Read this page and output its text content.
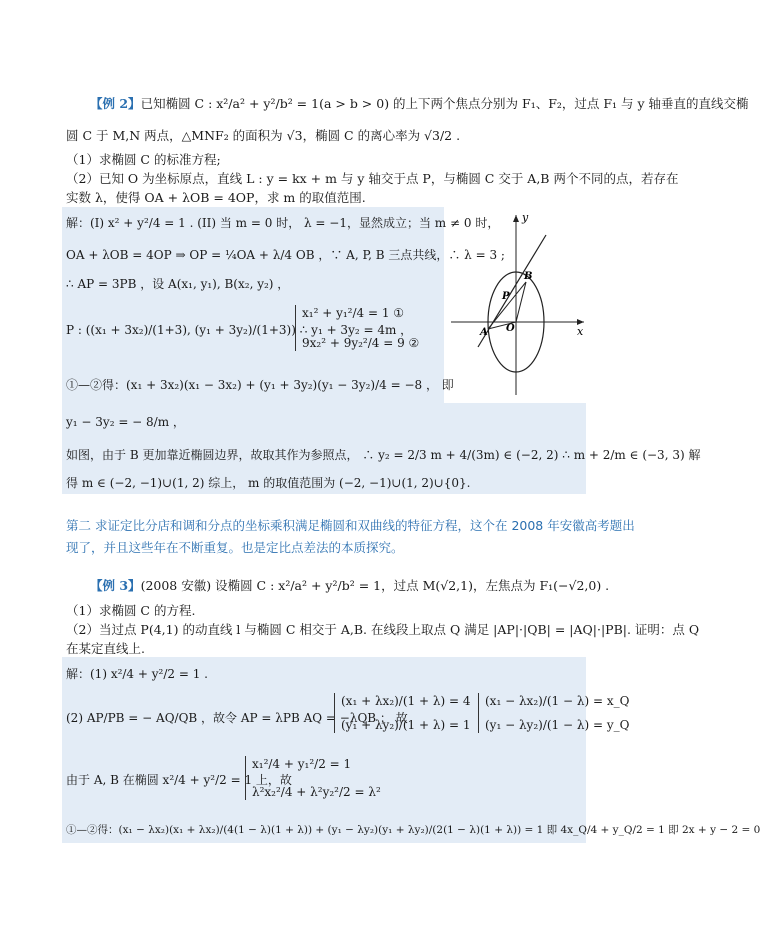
【例 2】已知椭圆 C : x²/a² + y²/b² = 1(a > b > 0) 的上下两个焦点分别为 F₁、F₂，过点 F₁ 与 y 轴垂直的直线交椭
圆 C 于 M,N 两点，△MNF₂ 的面积为 √3，椭圆 C 的离心率为 √3/2 .
（1）求椭圆 C 的标准方程;
（2）已知 O 为坐标原点，直线 L : y = kx + m 与 y 轴交于点 P，与椭圆 C 交于 A,B 两个不同的点，若存在
实数 λ，使得 OA + λOB = 4OP，求 m 的取值范围.
解：(I) x² + y²/4 = 1 . (II) 当 m = 0 时， λ = −1，显然成立；当 m ≠ 0 时，
OA + λOB = 4OP ⇒ OP = ¼OA + λ/4 OB ，∵ A, P, B 三点共线，∴ λ = 3 ;
∴ AP = 3PB ，设 A(x₁, y₁), B(x₂, y₂) ，
P : ((x₁ + 3x₂)/(1+3), (y₁ + 3y₂)/(1+3)) ∴ y₁ + 3y₂ = 4m ，
x₁² + y₁²/4 = 1 ①
9x₂² + 9y₂²/4 = 9 ②
①—②得：(x₁ + 3x₂)(x₁ − 3x₂) + (y₁ + 3y₂)(y₁ − 3y₂)/4 = −8 ， 即
y₁ − 3y₂ = − 8/m ，
如图，由于 B 更加靠近椭圆边界，故取其作为参照点， ∴ y₂ = 2/3 m + 4/(3m) ∈ (−2, 2) ∴ m + 2/m ∈ (−3, 3) 解
得 m ∈ (−2, −1)∪(1, 2) 综上， m 的取值范围为 (−2, −1)∪(1, 2)∪{0}.
y
x
B
P
A O
第二 求证定比分店和调和分点的坐标乘积满足椭圆和双曲线的特征方程，这个在 2008 年安徽高考题出
现了，并且这些年在不断重复。也是定比点差法的本质探究。
【例 3】(2008 安徽) 设椭圆 C : x²/a² + y²/b² = 1，过点 M(√2,1)，左焦点为 F₁(−√2,0) .
（1）求椭圆 C 的方程.
（2）当过点 P(4,1) 的动直线 l 与椭圆 C 相交于 A,B. 在线段上取点 Q 满足 |AP|·|QB| = |AQ|·|PB|. 证明：点 Q
在某定直线上.
解：(1) x²/4 + y²/2 = 1 .
(2) AP/PB = − AQ/QB ，故令 AP = λPB AQ = −λQB ； 故
(x₁ + λx₂)/(1 + λ) = 4
(y₁ + λy₂)/(1 + λ) = 1
(x₁ − λx₂)/(1 − λ) = x_Q
(y₁ − λy₂)/(1 − λ) = y_Q
由于 A, B 在椭圆 x²/4 + y²/2 = 1 上，故
x₁²/4 + y₁²/2 = 1
λ²x₂²/4 + λ²y₂²/2 = λ²
①—②得：(x₁ − λx₂)(x₁ + λx₂)/(4(1 − λ)(1 + λ)) + (y₁ − λy₂)(y₁ + λy₂)/(2(1 − λ)(1 + λ)) = 1 即 4x_Q/4 + y_Q/2 = 1 即 2x + y − 2 = 0
